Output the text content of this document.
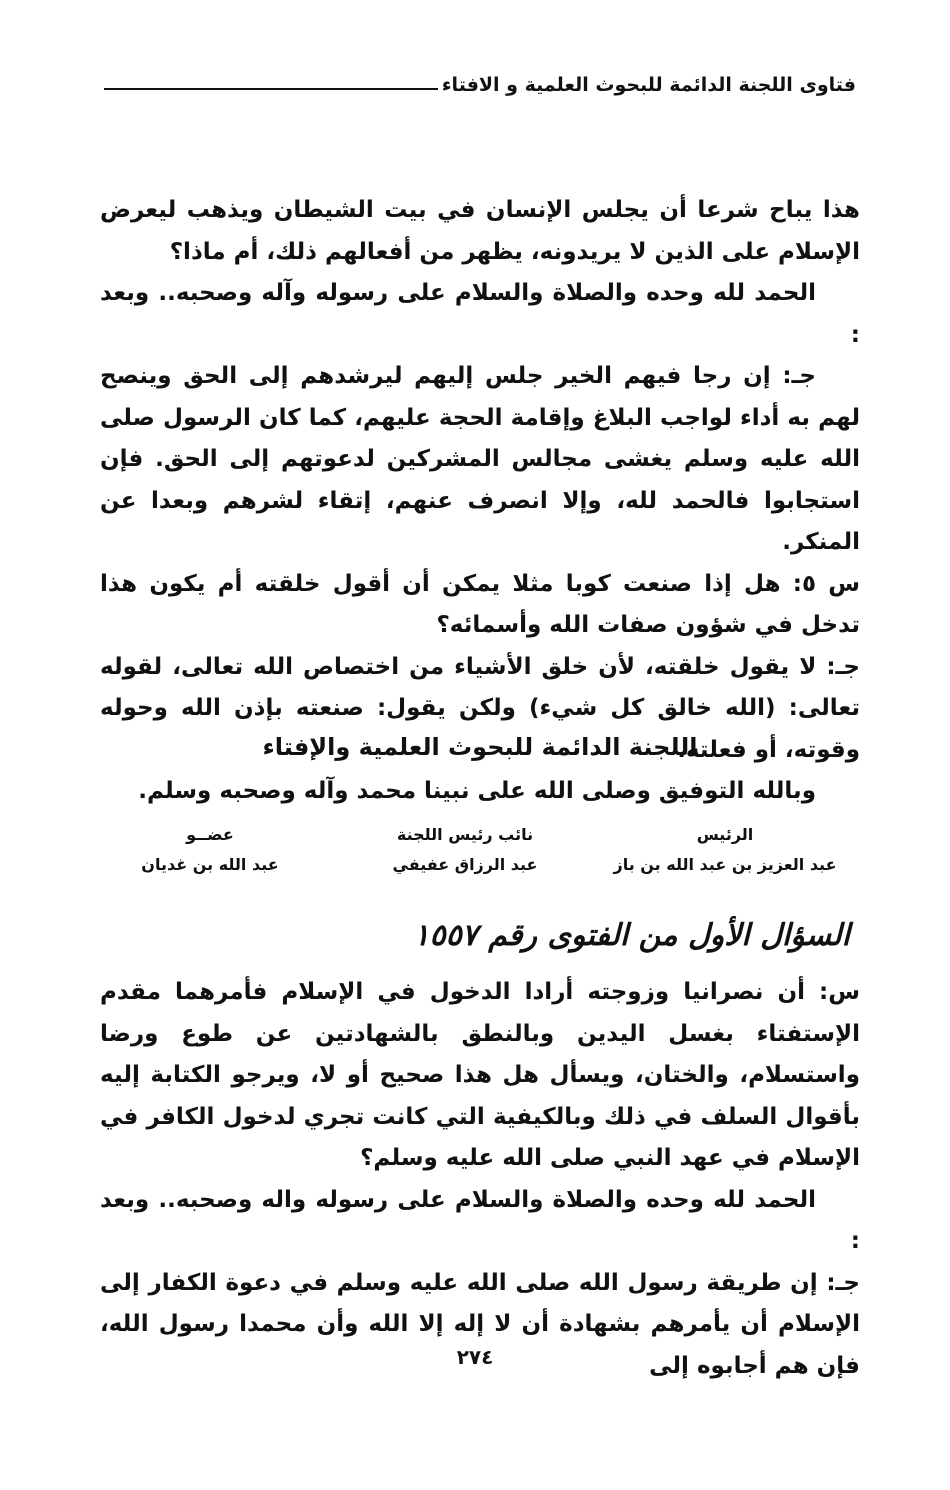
فتاوى اللجنة الدائمة للبحوث العلمية و الافتاء

هذا يباح شرعا أن يجلس الإنسان في بيت الشيطان ويذهب ليعرض الإسلام على الذين لا يريدونه، يظهر من أفعالهم ذلك، أم ماذا؟

الحمد لله وحده والصلاة والسلام على رسوله وآله وصحبه.. وبعد :

جـ: إن رجا فيهم الخير جلس إليهم ليرشدهم إلى الحق وينصح لهم به أداء لواجب البلاغ وإقامة الحجة عليهم، كما كان الرسول صلى الله عليه وسلم يغشى مجالس المشركين لدعوتهم إلى الحق. فإن استجابوا فالحمد لله، وإلا انصرف عنهم، إتقاء لشرهم وبعدا عن المنكر.

س ٥: هل إذا صنعت كوبا مثلا يمكن أن أقول خلقته أم يكون هذا تدخل في شؤون صفات الله وأسمائه؟

جـ: لا يقول خلقته، لأن خلق الأشياء من اختصاص الله تعالى، لقوله تعالى: (الله خالق كل شيء) ولكن يقول: صنعته بإذن الله وحوله وقوته، أو فعلته.

وبالله التوفيق وصلى الله على نبينا محمد وآله وصحبه وسلم.

اللجنة الدائمة للبحوث العلمية والإفتاء
الرئيس
عبد العزيز بن عبد الله بن باز
نائب رئيس اللجنة
عبد الرزاق عفيفي
عضــو
عبد الله بن غديان
السؤال الأول من الفتوى رقم ١٥٥٧

س: أن نصرانيا وزوجته أرادا الدخول في الإسلام فأمرهما مقدم الإستفتاء بغسل اليدين وبالنطق بالشهادتين عن طوع ورضا واستسلام، والختان، ويسأل هل هذا صحيح أو لا، ويرجو الكتابة إليه بأقوال السلف في ذلك وبالكيفية التي كانت تجري لدخول الكافر في الإسلام في عهد النبي صلى الله عليه وسلم؟

الحمد لله وحده والصلاة والسلام على رسوله واله وصحبه.. وبعد :

جـ: إن طريقة رسول الله صلى الله عليه وسلم في دعوة الكفار إلى الإسلام أن يأمرهم بشهادة أن لا إله إلا الله وأن محمدا رسول الله، فإن هم أجابوه إلى

٢٧٤
